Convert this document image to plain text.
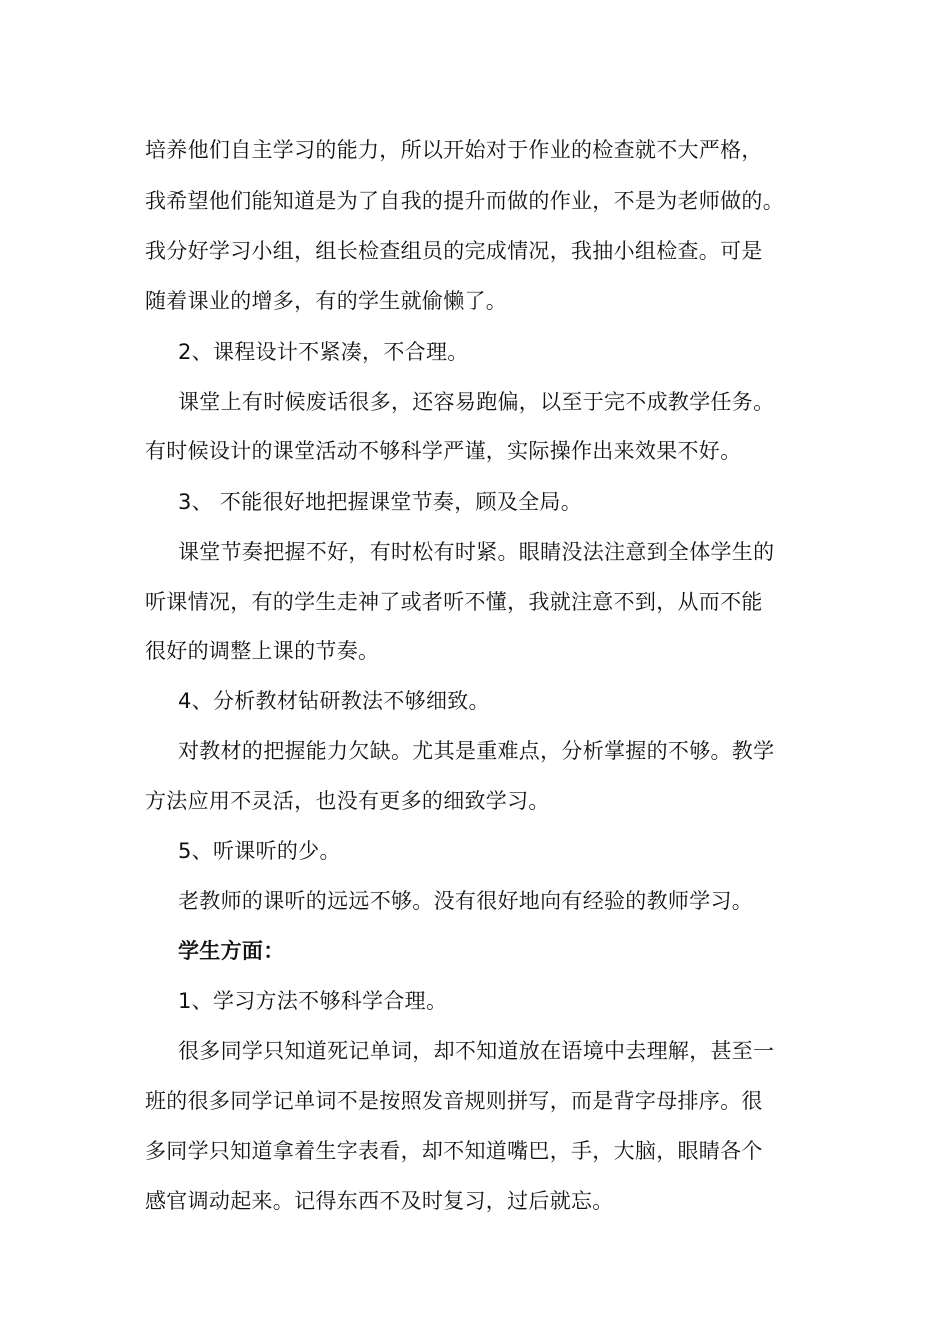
培养他们自主学习的能力，所以开始对于作业的检查就不大严格，
我希望他们能知道是为了自我的提升而做的作业，不是为老师做的。
我分好学习小组，组长检查组员的完成情况，我抽小组检查。可是
随着课业的增多，有的学生就偷懒了。
2、课程设计不紧凑，不合理。
课堂上有时候废话很多，还容易跑偏，以至于完不成教学任务。
有时候设计的课堂活动不够科学严谨，实际操作出来效果不好。
3、 不能很好地把握课堂节奏，顾及全局。
课堂节奏把握不好，有时松有时紧。眼睛没法注意到全体学生的
听课情况，有的学生走神了或者听不懂，我就注意不到，从而不能
很好的调整上课的节奏。
4、分析教材钻研教法不够细致。
对教材的把握能力欠缺。尤其是重难点，分析掌握的不够。教学
方法应用不灵活，也没有更多的细致学习。
5、听课听的少。
老教师的课听的远远不够。没有很好地向有经验的教师学习。
学生方面：
1、学习方法不够科学合理。
很多同学只知道死记单词，却不知道放在语境中去理解，甚至一
班的很多同学记单词不是按照发音规则拼写，而是背字母排序。很
多同学只知道拿着生字表看，却不知道嘴巴，手，大脑，眼睛各个
感官调动起来。记得东西不及时复习，过后就忘。
